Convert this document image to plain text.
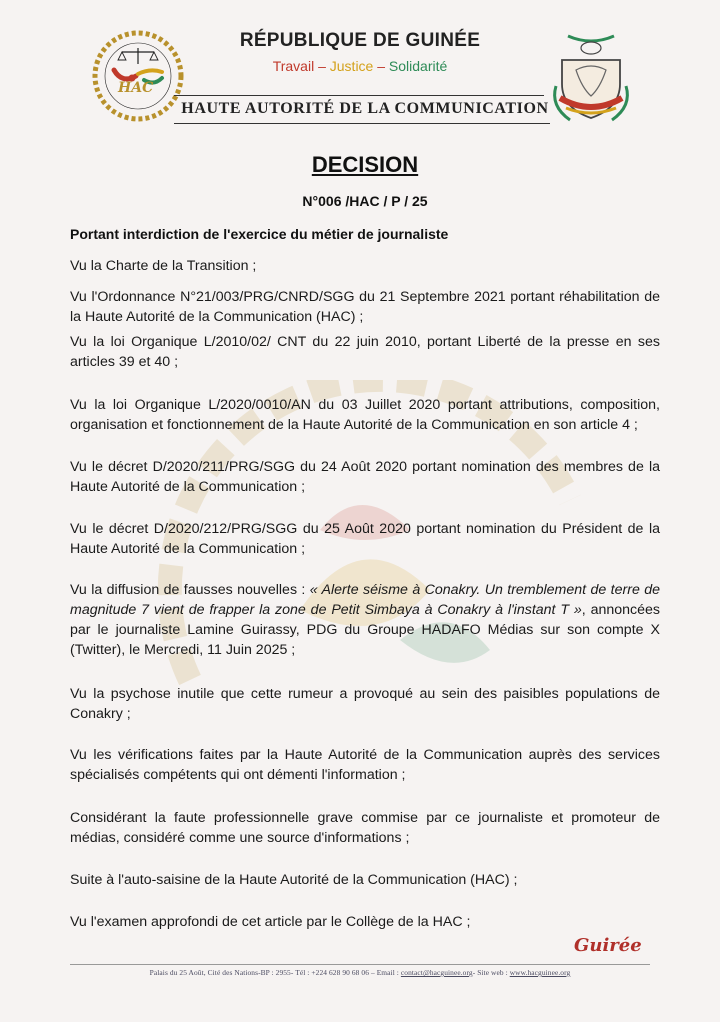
HAC
RÉPUBLIQUE DE GUINÉE
Travail – Justice – Solidarité
HAUTE AUTORITÉ DE LA COMMUNICATION
DECISION
N°006 /HAC / P / 25
Portant interdiction de l'exercice du métier de journaliste
Vu la Charte de la Transition ;
Vu l'Ordonnance N°21/003/PRG/CNRD/SGG du 21 Septembre 2021 portant réhabilitation de la Haute Autorité de la Communication (HAC) ;
Vu la loi Organique L/2010/02/ CNT du 22 juin 2010, portant Liberté de la presse en ses articles 39 et 40 ;
Vu la loi Organique L/2020/0010/AN du 03 Juillet 2020 portant attributions, composition, organisation et fonctionnement de la Haute Autorité de la Communication en son article 4 ;
Vu le décret D/2020/211/PRG/SGG du 24 Août 2020 portant nomination des membres de la Haute Autorité de la Communication ;
Vu le décret D/2020/212/PRG/SGG du 25 Août 2020 portant nomination du Président de la Haute Autorité de la Communication ;
Vu la diffusion de fausses nouvelles : « Alerte séisme à Conakry. Un tremblement de terre de magnitude 7 vient de frapper la zone de Petit Simbaya à Conakry à l'instant T », annoncées par le journaliste Lamine Guirassy, PDG du Groupe HADAFO Médias sur son compte X (Twitter), le Mercredi, 11 Juin 2025 ;
Vu la psychose inutile que cette rumeur a provoqué au sein des paisibles populations de Conakry ;
Vu les vérifications faites par la Haute Autorité de la Communication auprès des services spécialisés compétents qui ont démenti l'information ;
Considérant la faute professionnelle grave commise par ce journaliste et promoteur de médias, considéré comme une source d'informations ;
Suite à l'auto-saisine de la Haute Autorité de la Communication (HAC) ;
Vu l'examen approfondi de cet article par le Collège de la HAC ;
Guirée
Palais du 25 Août, Cité des Nations-BP : 2955- Tél : +224 628 90 68 06 – Email : contact@hacguinee.org- Site web : www.hacguinee.org
